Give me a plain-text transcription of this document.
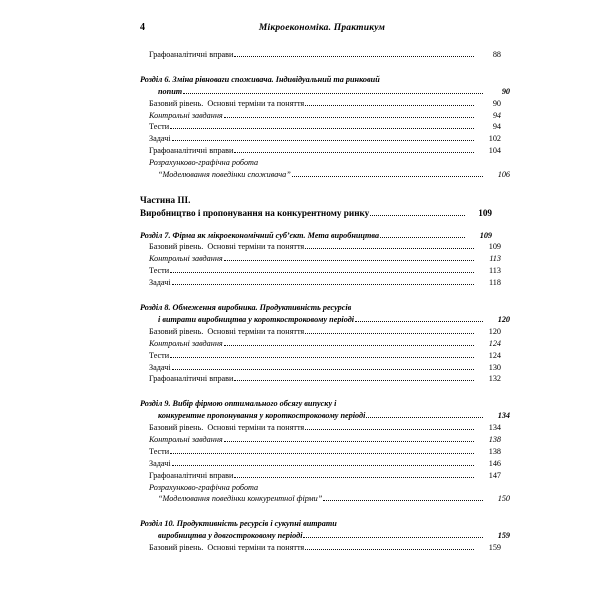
4	Мікроекономіка. Практикум
Графоаналітичні вправи	88
Розділ 6. Зміна рівноваги споживача. Індивідуальний та ринковий
попит	90
Базовий рівень.  Основні терміни та поняття	90
Контрольні завдання	94
Тести	94
Задачі	102
Графоаналітичні вправи	104
Розрахунково-графічна робота
“Моделювання поведінки споживача”	106
Частина III.
Виробництво і пропонування на конкурентному ринку	109
Розділ 7. Фірма як мікроекономічний суб’єкт. Мета виробництва	109
Базовий рівень.  Основні терміни та поняття	109
Контрольні завдання	113
Тести	113
Задачі	118
Розділ 8. Обмеження виробника. Продуктивність ресурсів
і витрати виробництва у короткостроковому періоді	120
Базовий рівень.  Основні терміни та поняття	120
Контрольні завдання	124
Тести	124
Задачі	130
Графоаналітичні вправи	132
Розділ 9. Вибір фірмою оптимального обсягу випуску і
конкурентне пропонування у короткостроковому періоді	134
Базовий рівень.  Основні терміни та поняття	134
Контрольні завдання	138
Тести	138
Задачі	146
Графоаналітичні вправи	147
Розрахунково-графічна робота
“Моделювання поведінки конкурентної фірми”	150
Розділ 10. Продуктивність ресурсів і сукупні витрати
виробництва у довгостроковому періоді	159
Базовий рівень.  Основні терміни та поняття	159
